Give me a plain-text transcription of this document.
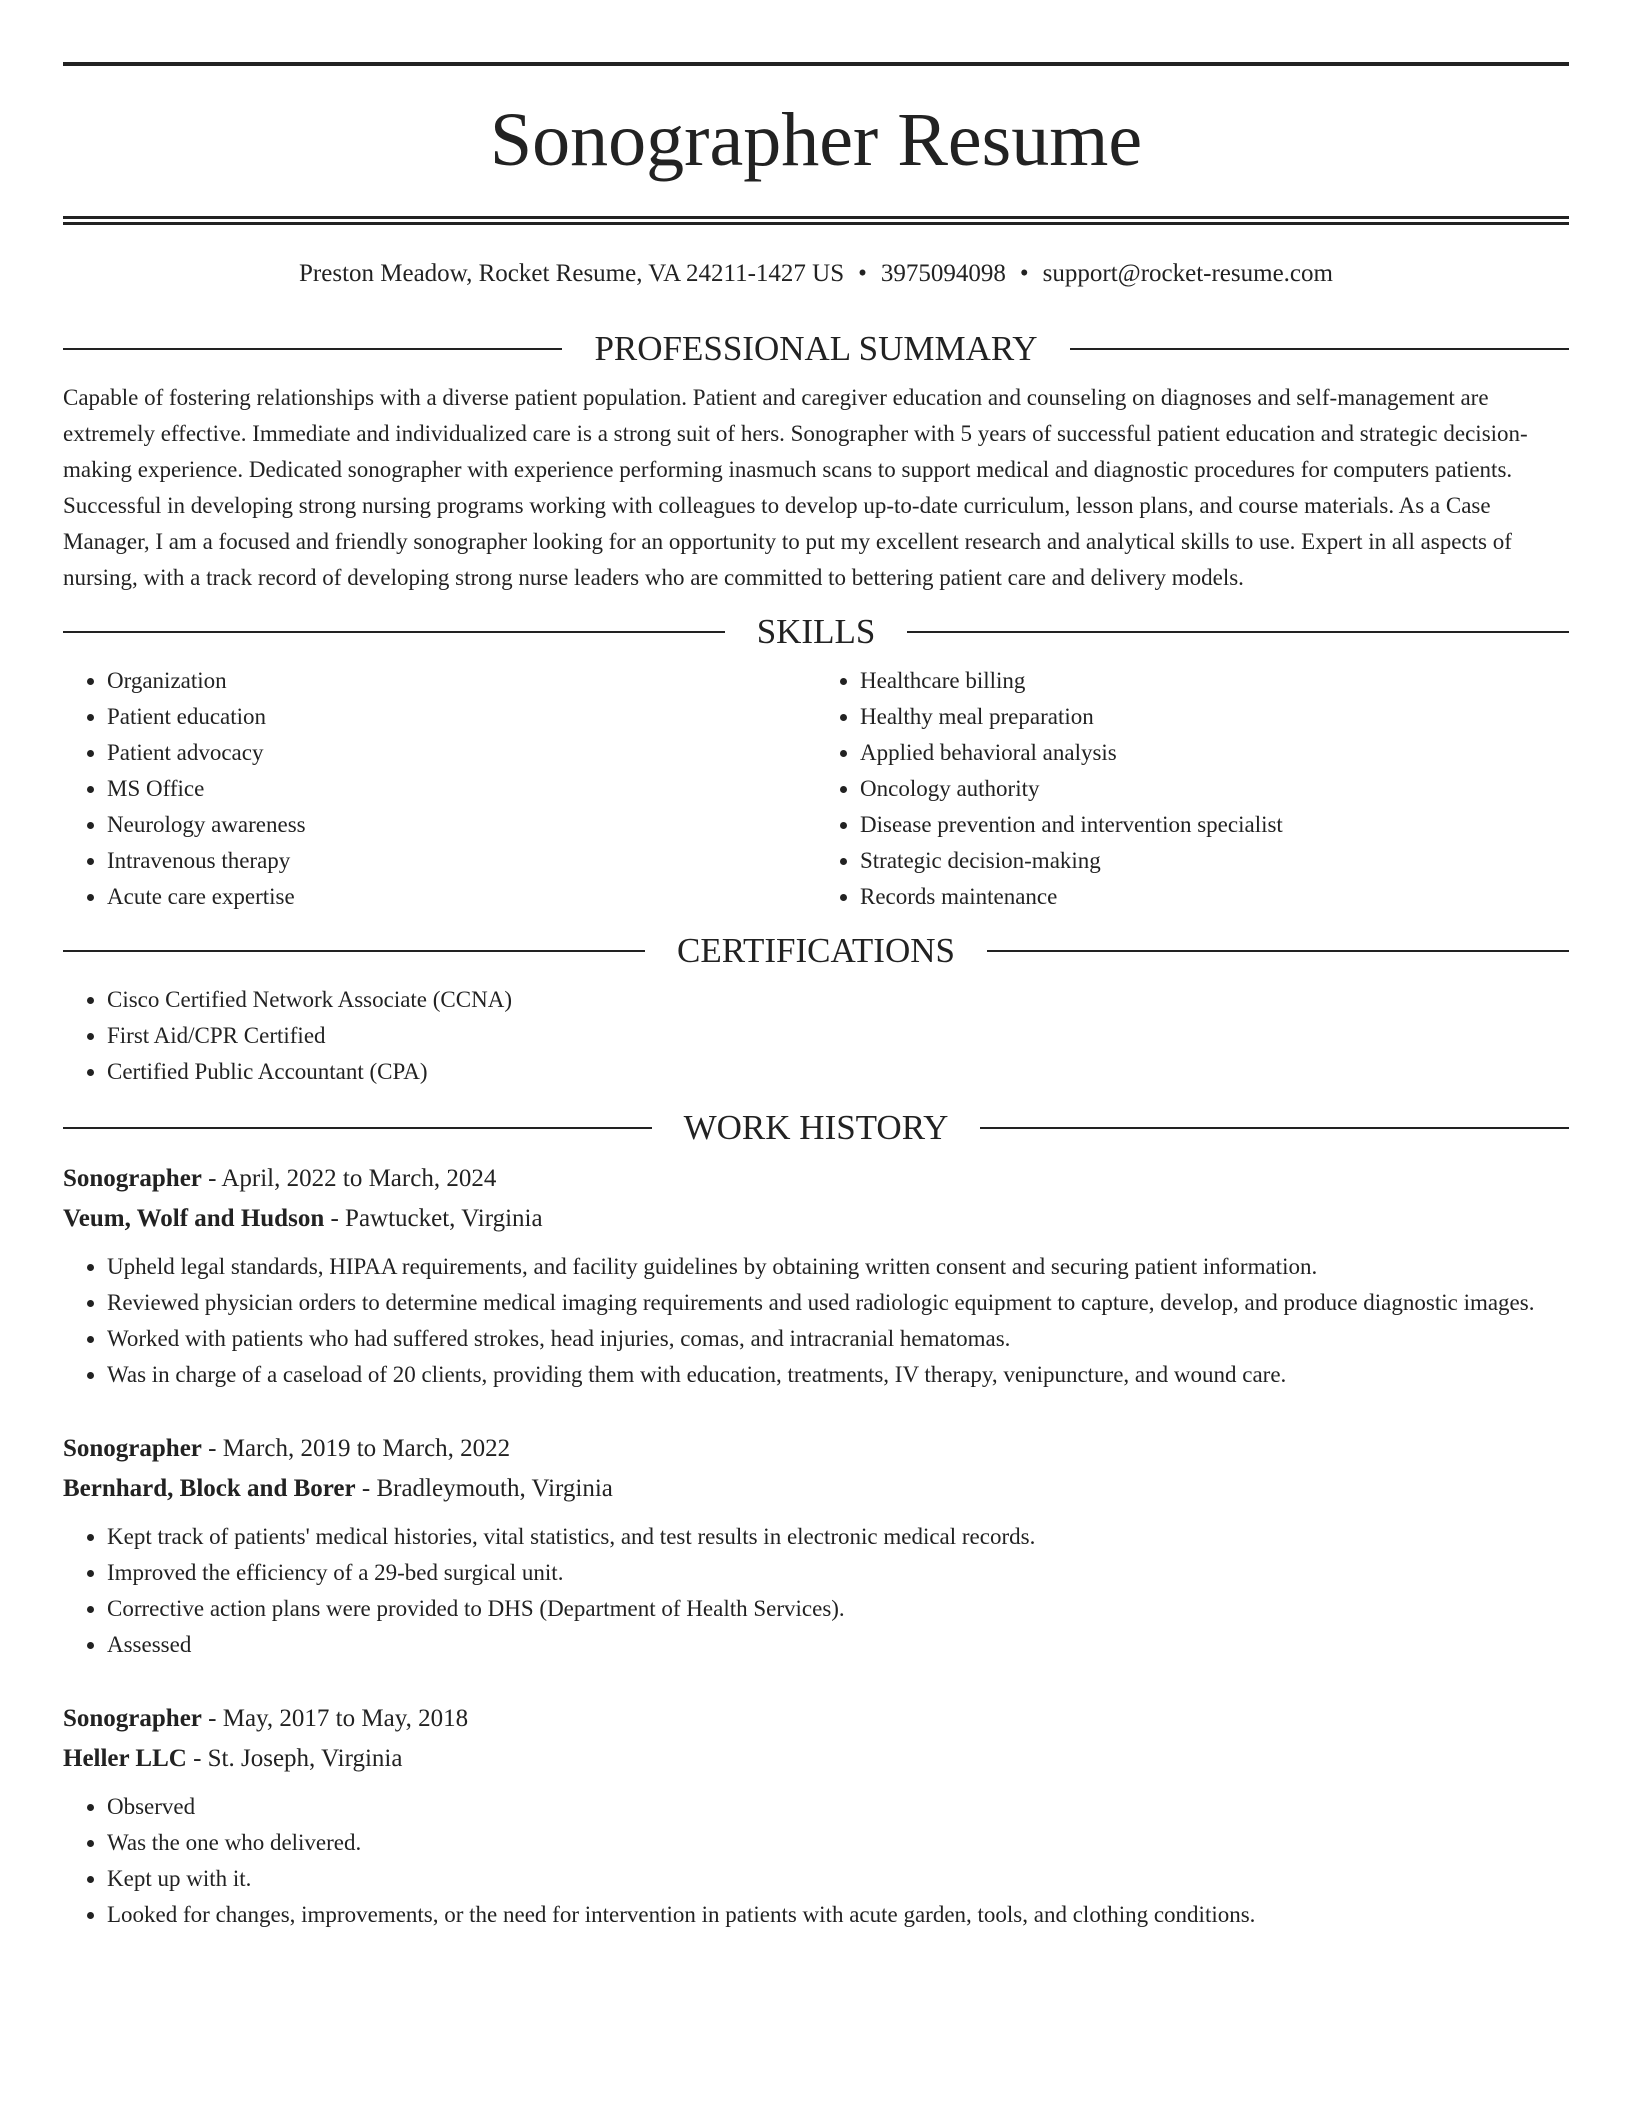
Sonographer Resume
Preston Meadow, Rocket Resume, VA 24211-1427 US • 3975094098 • support@rocket-resume.com
PROFESSIONAL SUMMARY

Capable of fostering relationships with a diverse patient population. Patient and caregiver education and counseling on diagnoses and self-management are extremely effective. Immediate and individualized care is a strong suit of hers. Sonographer with 5 years of successful patient education and strategic decision-making experience. Dedicated sonographer with experience performing inasmuch scans to support medical and diagnostic procedures for computers patients. Successful in developing strong nursing programs working with colleagues to develop up-to-date curriculum, lesson plans, and course materials. As a Case Manager, I am a focused and friendly sonographer looking for an opportunity to put my excellent research and analytical skills to use. Expert in all aspects of nursing, with a track record of developing strong nurse leaders who are committed to bettering patient care and delivery models.

SKILLS
• Organization
• Patient education
• Patient advocacy
• MS Office
• Neurology awareness
• Intravenous therapy
• Acute care expertise
• Healthcare billing
• Healthy meal preparation
• Applied behavioral analysis
• Oncology authority
• Disease prevention and intervention specialist
• Strategic decision-making
• Records maintenance
CERTIFICATIONS
• Cisco Certified Network Associate (CCNA)
• First Aid/CPR Certified
• Certified Public Accountant (CPA)
WORK HISTORY
Sonographer - April, 2022 to March, 2024
Veum, Wolf and Hudson - Pawtucket, Virginia
• Upheld legal standards, HIPAA requirements, and facility guidelines by obtaining written consent and securing patient information.
• Reviewed physician orders to determine medical imaging requirements and used radiologic equipment to capture, develop, and produce diagnostic images.
• Worked with patients who had suffered strokes, head injuries, comas, and intracranial hematomas.
• Was in charge of a caseload of 20 clients, providing them with education, treatments, IV therapy, venipuncture, and wound care.
Sonographer - March, 2019 to March, 2022
Bernhard, Block and Borer - Bradleymouth, Virginia
• Kept track of patients' medical histories, vital statistics, and test results in electronic medical records.
• Improved the efficiency of a 29-bed surgical unit.
• Corrective action plans were provided to DHS (Department of Health Services).
• Assessed
Sonographer - May, 2017 to May, 2018
Heller LLC - St. Joseph, Virginia
• Observed
• Was the one who delivered.
• Kept up with it.
• Looked for changes, improvements, or the need for intervention in patients with acute garden, tools, and clothing conditions.
